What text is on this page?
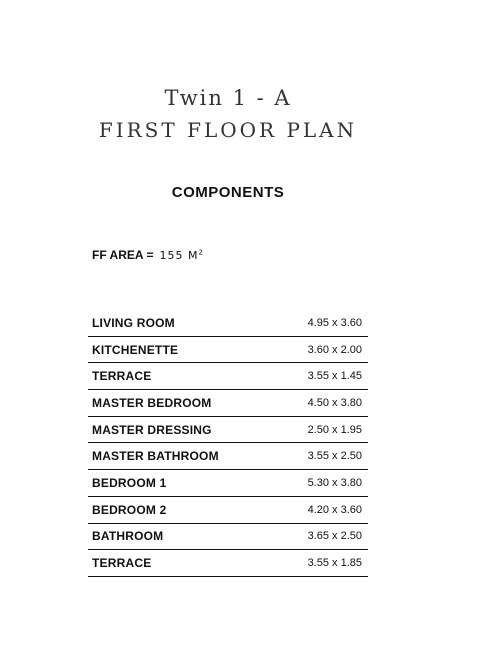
Twin 1 - A
FIRST FLOOR PLAN
COMPONENTS
FF AREA = 155 $M^2$
LIVING ROOM	4.95 x 3.60
KITCHENETTE	3.60 x 2.00
TERRACE	3.55 x 1.45
MASTER BEDROOM	4.50 x 3.80
MASTER DRESSING	2.50 x 1.95
MASTER BATHROOM	3.55 x 2.50
BEDROOM 1	5.30 x 3.80
BEDROOM 2	4.20 x 3.60
BATHROOM	3.65 x 2.50
TERRACE	3.55 x 1.85
